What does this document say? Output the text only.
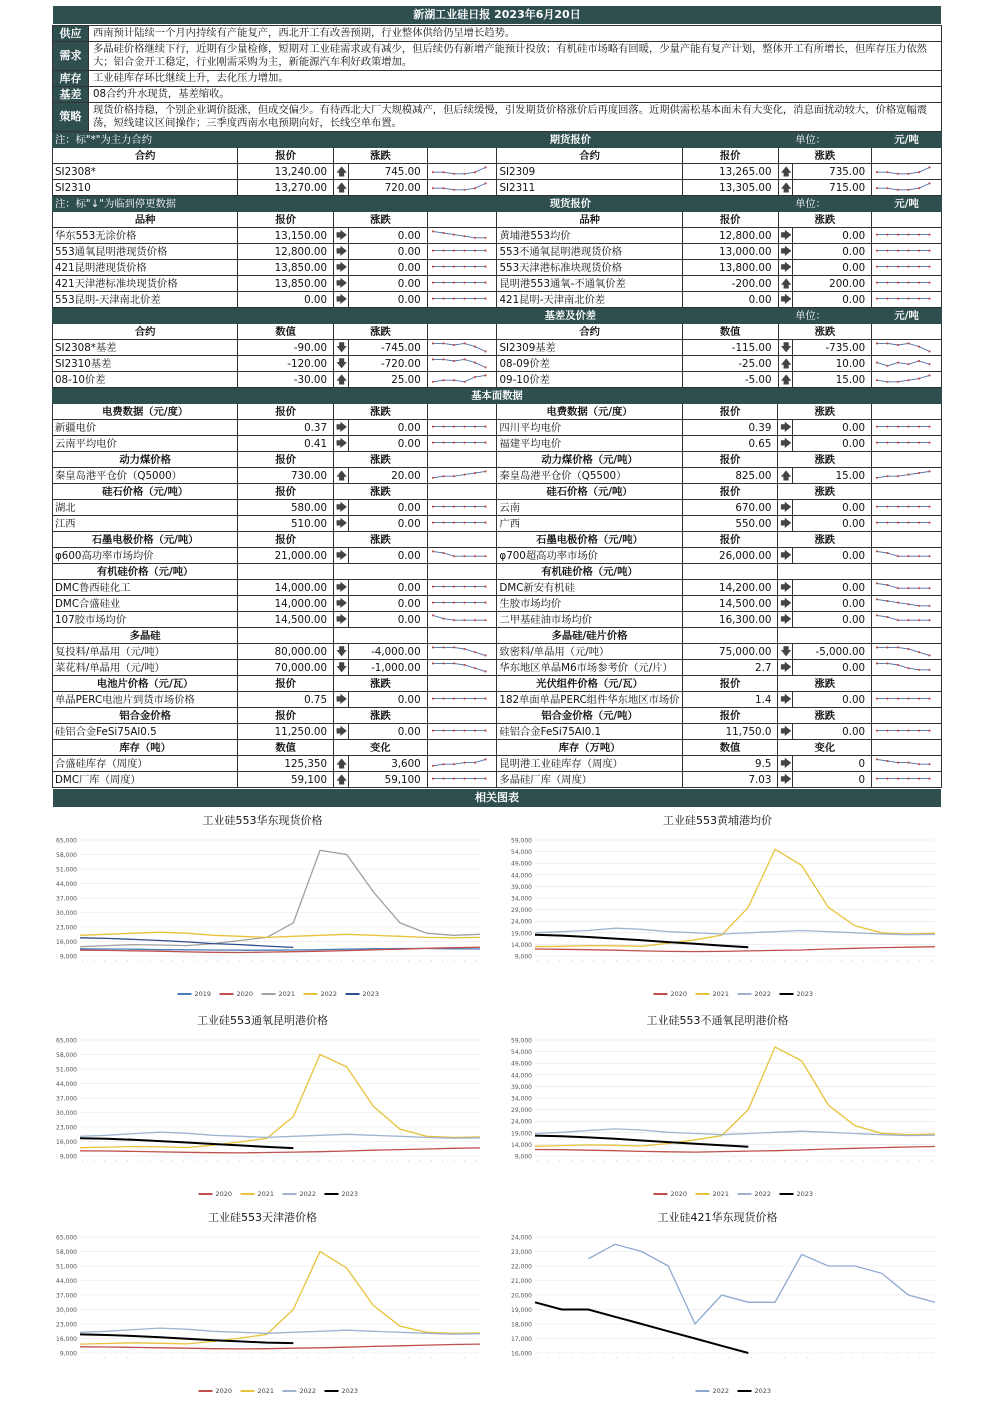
新湖工业硅日报 2023年6月20日
供应	西南预计陆续一个月内持续有产能复产，西北开工有改善预期，行业整体供给仍呈增长趋势。
需求	多晶硅价格继续下行，近期有少量检修，短期对工业硅需求或有减少，但后续仍有新增产能预计投放；有机硅市场略有回暖，少量产能有复产计划，整体开工有所增长，但库存压力依然大；铝合金开工稳定，行业刚需采购为主，新能源汽车利好政策增加。
库存	工业硅库存环比继续上升，去化压力增加。
基差	08合约升水现货，基差缩收。
策略	现货价格持稳，个别企业调价挺涨，但成交偏少。有待西北大厂大规模减产，但后续缓慢，引发期货价格涨价后再度回落。近期供需松基本面未有大变化，消息面扰动较大，价格宽幅震荡，短线建议区间操作；三季度西南水电预期向好，长线空单布置。
注：标"*"为主力合约			期货报价					单位：	元/吨
合约	报价	涨跌			合约	报价	涨跌		
SI2308*	13,240.00	🡅	745.00		SI2309	13,265.00	🡅	735.00	

SI2310	13,270.00	🡅	720.00		SI2311	13,305.00	🡅	715.00	
注：标"↓"为临到停更数据			现货报价					单位：	元/吨
品种	报价	涨跌			品种	报价	涨跌		
华东553无涂价格	13,150.00	🡆	0.00		黄埔港553均价	12,800.00	🡆	0.00	

553通氧昆明港现货价格	12,800.00	🡆	0.00		553不通氧昆明港现货价格	13,000.00	🡆	0.00	

421昆明港现货价格	13,850.00	🡆	0.00		553天津港标准块现货价格	13,800.00	🡆	0.00	

421天津港标准块现货价格	13,850.00	🡆	0.00		昆明港553通氧-不通氧价差	-200.00	🡅	200.00	

553昆明-天津南北价差	0.00	🡆	0.00		421昆明-天津南北价差	0.00	🡆	0.00	
			基差及价差					单位：	元/吨
合约	数值	涨跌			合约	数值	涨跌		
SI2308*基差	-90.00	🡇	-745.00		SI2309基差	-115.00	🡇	-735.00	

SI2310基差	-120.00	🡇	-720.00		08-09价差	-25.00	🡅	10.00	

08-10价差	-30.00	🡅	25.00		09-10价差	-5.00	🡅	15.00	
基本面数据									
电费数据（元/度）	报价	涨跌			电费数据（元/度）	报价	涨跌		
新疆电价	0.37	🡆	0.00		四川平均电价	0.39	🡆	0.00	

云南平均电价	0.41	🡆	0.00		福建平均电价	0.65	🡆	0.00	

动力煤价格	报价	涨跌			动力煤价格（元/吨）	报价	涨跌		
秦皇岛港平仓价（Q5000）	730.00	🡅	20.00		秦皇岛港平仓价（Q5500）	825.00	🡅	15.00	

硅石价格（元/吨）	报价	涨跌			硅石价格（元/吨）	报价	涨跌		
湖北	580.00	🡆	0.00		云南	670.00	🡆	0.00	

江西	510.00	🡆	0.00		广西	550.00	🡆	0.00	

石墨电极价格（元/吨）	报价	涨跌			石墨电极价格（元/吨）	报价	涨跌		
φ600高功率市场均价	21,000.00	🡆	0.00		φ700超高功率市场价	26,000.00	🡆	0.00	

有机硅价格（元/吨）					有机硅价格（元/吨）				
DMC鲁西硅化工	14,000.00	🡆	0.00		DMC新安有机硅	14,200.00	🡆	0.00	

DMC合盛硅业	14,000.00	🡆	0.00		生胶市场均价	14,500.00	🡆	0.00	

107胶市场均价	14,500.00	🡆	0.00		二甲基硅油市场均价	16,300.00	🡆	0.00	

多晶硅					多晶硅/硅片价格				
复投料/单晶用（元/吨）	80,000.00	🡇	-4,000.00		致密料/单晶用（元/吨）	75,000.00	🡇	-5,000.00	

菜花料/单晶用（元/吨）	70,000.00	🡇	-1,000.00		华东地区单晶M6市场参考价（元/片）	2.7	🡆	0.00	

电池片价格（元/瓦）	报价	涨跌			光伏组件价格（元/瓦）	报价	涨跌		
单晶PERC电池片到货市场价格	0.75	🡆	0.00		182单面单晶PERC组件华东地区市场价	1.4	🡆	0.00	

铝合金价格	报价	涨跌			铝合金价格（元/吨）	报价	涨跌		
硅铝合金FeSi75Al0.5	11,250.00	🡆	0.00		硅铝合金FeSi75Al0.1	11,750.0	🡆	0.00	

库存（吨）	数值	变化			库存（万吨）	数值	变化		
合盛硅库存（周度）	125,350	🡅	3,600		昆明港工业硅库存（周度）	9.5	🡆	0	

DMC厂库（周度）	59,100	🡅	59,100		多晶硅厂库（周度）	7.03	🡆	0	
相关图表
工业硅553华东现货价格
9,000
16,000
23,000
30,000
37,000
44,000
51,000
58,000
65,000
· · · · · · · · · · · · · · · · · · · · · · · · · · · · · · · · · · · ·
2019	2020	2021	2022	2023
工业硅553黄埔港均价
9,000
14,000
19,000
24,000
29,000
34,000
39,000
44,000
49,000
54,000
59,000
· · · · · · · · · · · · · · · · · · · · · · · · · · · · · · · · · · · ·
2020	2021	2022	2023
工业硅553通氧昆明港价格
9,000
16,000
23,000
30,000
37,000
44,000
51,000
58,000
65,000
· · · · · · · · · · · · · · · · · · · · · · · · · · · · · · · · · · · ·
2020	2021	2022	2023
工业硅553不通氧昆明港价格
9,000
14,000
19,000
24,000
29,000
34,000
39,000
44,000
49,000
54,000
59,000
· · · · · · · · · · · · · · · · · · · · · · · · · · · · · · · · · · · ·
2020	2021	2022	2023
工业硅553天津港价格
9,000
16,000
23,000
30,000
37,000
44,000
51,000
58,000
65,000
· · · · · · · · · · · · · · · · · · · · · · · · · · · · · · · · · · · ·
2020	2021	2022	2023
工业硅421华东现货价格
16,000
17,000
18,000
19,000
20,000
21,000
22,000
23,000
24,000
· · · · · · · · · · · · · · · · · · · · · · · · · · · · · · · · · · · ·
2022	2023
